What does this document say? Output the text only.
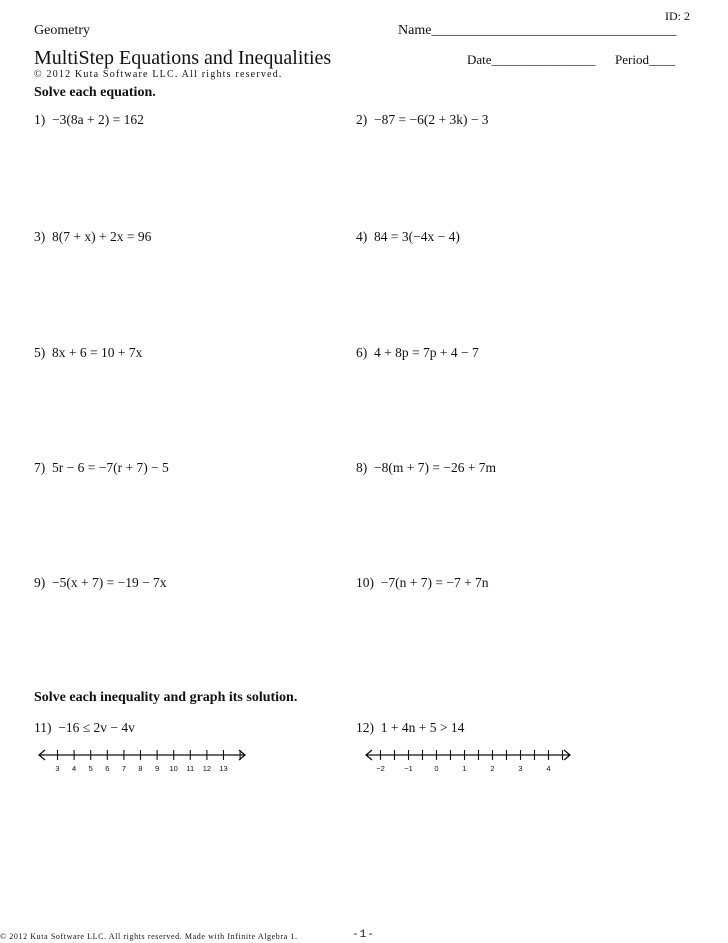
ID: 2
Geometry	Name___________________________________
MultiStep Equations and Inequalities	Date________________ Period____
© 2012 Kuta Software LLC. All rights reserved.
Solve each equation.
1) −3(8a + 2) = 162	2) −87 = −6(2 + 3k) − 3
3) 8(7 + x) + 2x = 96	4) 84 = 3(−4x − 4)
5) 8x + 6 = 10 + 7x	6) 4 + 8p = 7p + 4 − 7
7) 5r − 6 = −7(r + 7) − 5	8) −8(m + 7) = −26 + 7m
9) −5(x + 7) = −19 − 7x	10) −7(n + 7) = −7 + 7n
Solve each inequality and graph its solution.
11) −16 ≤ 2v − 4v	12) 1 + 4n + 5 > 14
3 4 5 6 7 8 9 10 11 12 13	−2	−1	0	1	2	3	4
© 2012 Kuta Software LLC. All rights reserved. Made with Infinite Algebra 1.	-1-
